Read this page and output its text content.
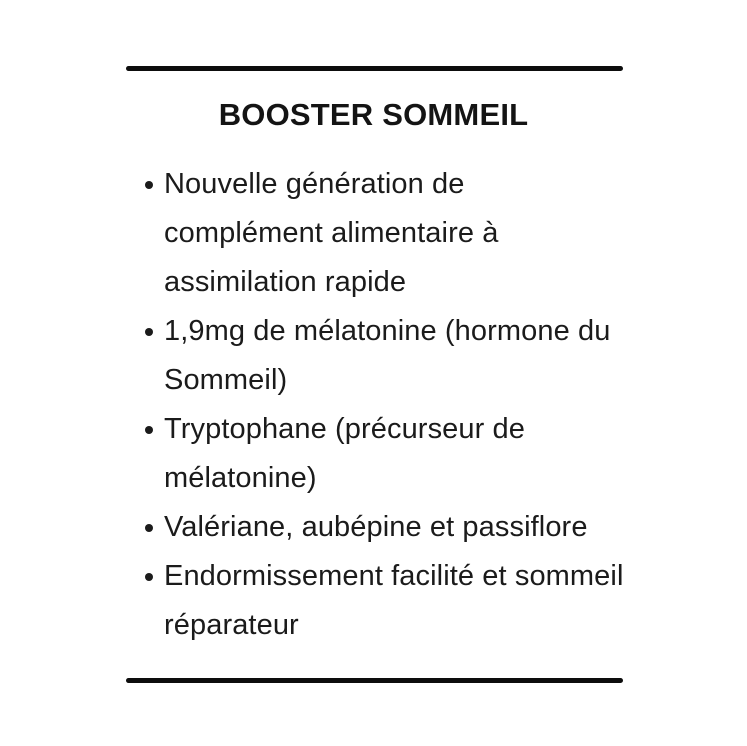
BOOSTER SOMMEIL
Nouvelle génération de complément alimentaire à assimilation rapide
1,9mg de mélatonine (hormone du Sommeil)
Tryptophane (précurseur de mélatonine)
Valériane, aubépine et passiflore
Endormissement facilité et sommeil réparateur
